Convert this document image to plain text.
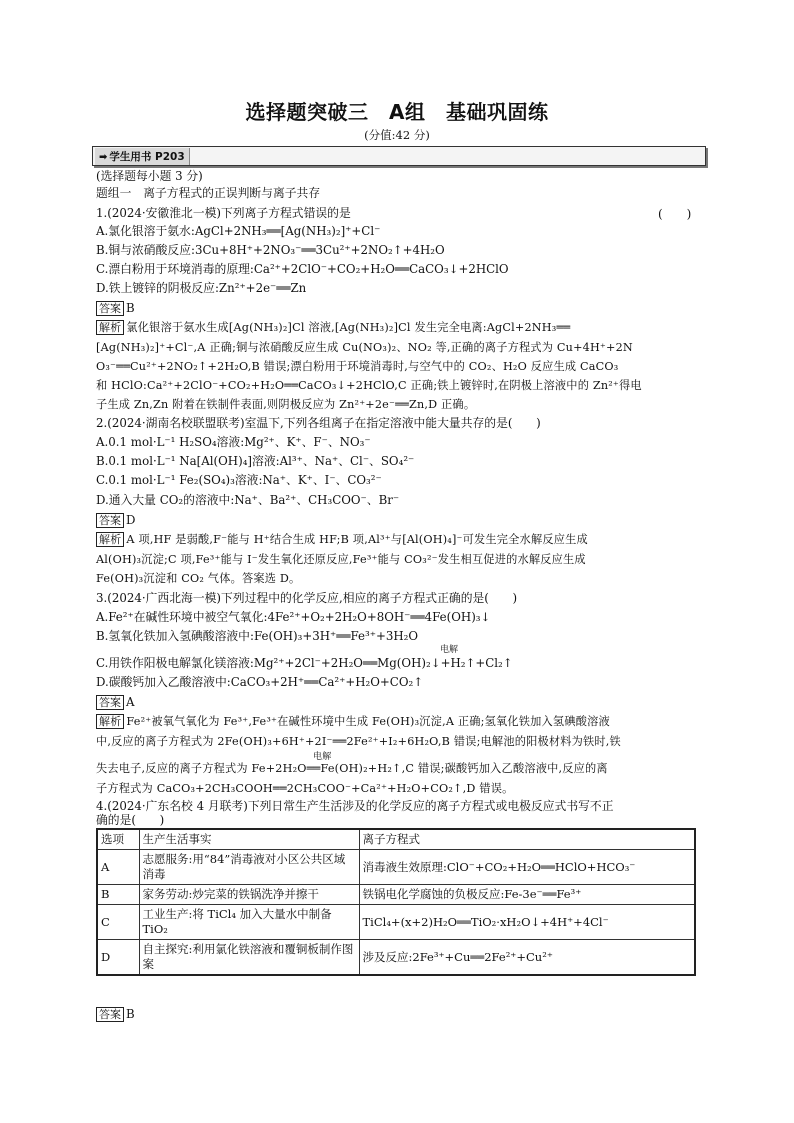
选择题突破三　A组　基础巩固练
(分值:42 分)
➡ 学生用书 P203
(选择题每小题 3 分)
题组一　离子方程式的正误判断与离子共存
1.(2024·安徽淮北一模)下列离子方程式错误的是	(　　)
A.氯化银溶于氨水:AgCl+2NH₃══[Ag(NH₃)₂]⁺+Cl⁻
B.铜与浓硝酸反应:3Cu+8H⁺+2NO₃⁻══3Cu²⁺+2NO₂↑+4H₂O
C.漂白粉用于环境消毒的原理:Ca²⁺+2ClO⁻+CO₂+H₂O══CaCO₃↓+2HClO
D.铁上镀锌的阴极反应:Zn²⁺+2e⁻══Zn
答案 B
解析 氯化银溶于氨水生成[Ag(NH₃)₂]Cl 溶液,[Ag(NH₃)₂]Cl 发生完全电离:AgCl+2NH₃══
[Ag(NH₃)₂]⁺+Cl⁻,A 正确;铜与浓硝酸反应生成 Cu(NO₃)₂、NO₂ 等,正确的离子方程式为 Cu+4H⁺+2N
O₃⁻══Cu²⁺+2NO₂↑+2H₂O,B 错误;漂白粉用于环境消毒时,与空气中的 CO₂、H₂O 反应生成 CaCO₃
和 HClO:Ca²⁺+2ClO⁻+CO₂+H₂O══CaCO₃↓+2HClO,C 正确;铁上镀锌时,在阴极上溶液中的 Zn²⁺得电
子生成 Zn,Zn 附着在铁制件表面,则阴极反应为 Zn²⁺+2e⁻══Zn,D 正确。
2.(2024·湖南名校联盟联考)室温下,下列各组离子在指定溶液中能大量共存的是(　　)
A.0.1 mol·L⁻¹ H₂SO₄溶液:Mg²⁺、K⁺、F⁻、NO₃⁻
B.0.1 mol·L⁻¹ Na[Al(OH)₄]溶液:Al³⁺、Na⁺、Cl⁻、SO₄²⁻
C.0.1 mol·L⁻¹ Fe₂(SO₄)₃溶液:Na⁺、K⁺、I⁻、CO₃²⁻
D.通入大量 CO₂的溶液中:Na⁺、Ba²⁺、CH₃COO⁻、Br⁻
答案 D
解析 A 项,HF 是弱酸,F⁻能与 H⁺结合生成 HF;B 项,Al³⁺与[Al(OH)₄]⁻可发生完全水解反应生成
Al(OH)₃沉淀;C 项,Fe³⁺能与 I⁻发生氧化还原反应,Fe³⁺能与 CO₃²⁻发生相互促进的水解反应生成
Fe(OH)₃沉淀和 CO₂ 气体。答案选 D。
3.(2024·广西北海一模)下列过程中的化学反应,相应的离子方程式正确的是(　　)
A.Fe²⁺在碱性环境中被空气氧化:4Fe²⁺+O₂+2H₂O+8OH⁻══4Fe(OH)₃↓
B.氢氧化铁加入氢碘酸溶液中:Fe(OH)₃+3H⁺══Fe³⁺+3H₂O
电解
C.用铁作阳极电解氯化镁溶液:Mg²⁺+2Cl⁻+2H₂O══Mg(OH)₂↓+H₂↑+Cl₂↑
D.碳酸钙加入乙酸溶液中:CaCO₃+2H⁺══Ca²⁺+H₂O+CO₂↑
答案 A
解析 Fe²⁺被氧气氧化为 Fe³⁺,Fe³⁺在碱性环境中生成 Fe(OH)₃沉淀,A 正确;氢氧化铁加入氢碘酸溶液
中,反应的离子方程式为 2Fe(OH)₃+6H⁺+2I⁻══2Fe²⁺+I₂+6H₂O,B 错误;电解池的阳极材料为铁时,铁
电解
失去电子,反应的离子方程式为 Fe+2H₂O══Fe(OH)₂+H₂↑,C 错误;碳酸钙加入乙酸溶液中,反应的离
子方程式为 CaCO₃+2CH₃COOH══2CH₃COO⁻+Ca²⁺+H₂O+CO₂↑,D 错误。
4.(2024·广东名校 4 月联考)下列日常生产生活涉及的化学反应的离子方程式或电极反应式书写不正
确的是(　　)
选项	生产生活事实	离子方程式
A	志愿服务:用“84”消毒液对小区公共区域消毒	消毒液生效原理:ClO⁻+CO₂+H₂O══HClO+HCO₃⁻
B	家务劳动:炒完菜的铁锅洗净并擦干	铁锅电化学腐蚀的负极反应:Fe-3e⁻══Fe³⁺
C	工业生产:将 TiCl₄ 加入大量水中制备 TiO₂	TiCl₄+(x+2)H₂O══TiO₂·xH₂O↓+4H⁺+4Cl⁻
D	自主探究:利用氯化铁溶液和覆铜板制作图案	涉及反应:2Fe³⁺+Cu══2Fe²⁺+Cu²⁺
答案 B
